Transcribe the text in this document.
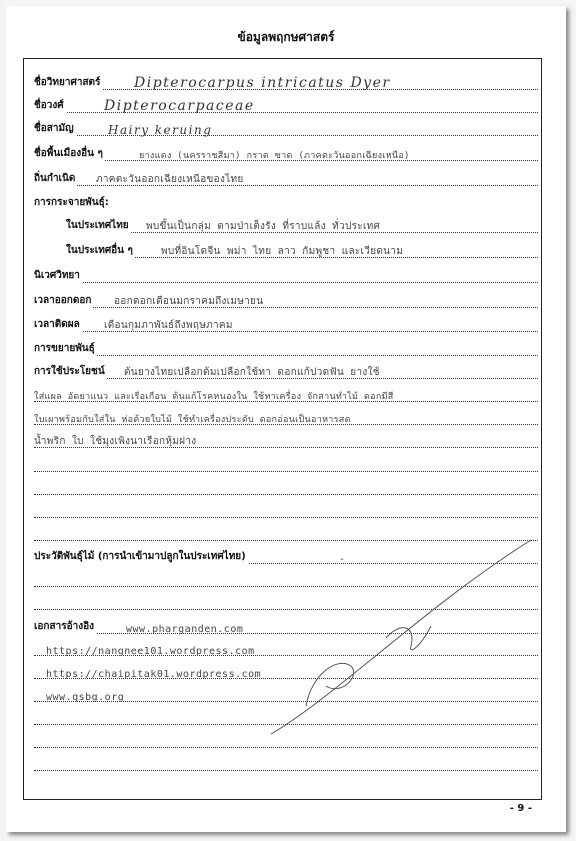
ข้อมูลพฤกษศาสตร์
ชื่อวิทยาศาสตร์ Dipterocarpus intricatus Dyer
ชื่อวงศ์	Dipterocarpaceae
ชื่อสามัญ	Hairy keruing
ชื่อพื้นเมืองอื่น ๆ	ยางแดง (นครราชสีมา) กราด ซาด (ภาคตะวันออกเฉียงเหนือ)
ถิ่นกำเนิด ภาคตะวันออกเฉียงเหนือของไทย
การกระจายพันธุ์:
ในประเทศไทย พบขึ้นเป็นกลุ่ม ตามป่าเต็งรัง ที่ราบแล้ง ทั่วประเทศ
ในประเทศอื่น ๆ	พบที่อินโดจีน พม่า ไทย ลาว กัมพูชา และเวียดนาม
นิเวศวิทยา
เวลาออกดอก ออกดอกเดือนมกราคมถึงเมษายน
เวลาติดผล เดือนกุมภาพันธ์ถึงพฤษภาคม
การขยายพันธุ์
การใช้ประโยชน์ ต้นยางไทยเปลือกต้มเปลือกใช้ทา ดอกแก้ปวดฟัน ยางใช้
ใส่แผล อัดยาแนว และเรือเกือน ต้นแก้โรคหนองใน ใช้ทาเครื่อง จักสานทำไม้ ดอกมีสี
ใบเผาพร้อมกับใส่ใน ห่อด้วยใบไม้ ใช้ทำเครื่องประดับ ดอกอ่อนเป็นอาหารสด
น้ำพริก ใบ ใช้มุงเพิงนาเรือกหุ้มฝาง
ประวัติพันธุ์ไม้ (การนำเข้ามาปลูกในประเทศไทย)	-
เอกสารอ้างอิง	www.pharganden.com
https://nangnee101.wordpress.com
https://chaipitak01.wordpress.com
www.qsbg.org
- 9 -
